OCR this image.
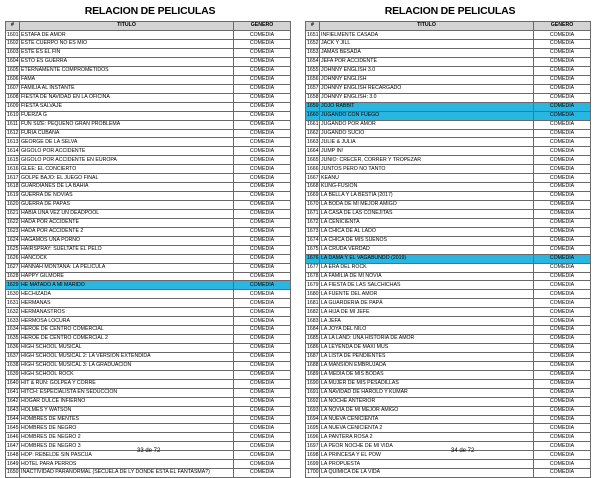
RELACION DE PELICULAS
#	TITULO	GENERO
1601	ESTAFA DE AMOR	COMEDIA
1602	ESTE CUERPO NO ES MIO	COMEDIA
1603	ESTE ES EL FIN	COMEDIA
1604	ESTO ES GUERRA	COMEDIA
1605	ETERNAMENTE COMPROMETIDOS	COMEDIA
1606	FAMA	COMEDIA
1607	FAMILIA AL INSTANTE	COMEDIA
1608	FIESTA DE NAVIDAD EN LA OFICINA	COMEDIA
1609	FIESTA SALVAJE	COMEDIA
1610	FUERZA G	COMEDIA
1611	FUN SIZE: PEQUEÑO GRAN PROBLEMA	COMEDIA
1612	FURIA CUBANA	COMEDIA
1613	GEORGE DE LA SELVA	COMEDIA
1614	GIGOLO POR ACCIDENTE	COMEDIA
1615	GIGOLO POR ACCIDENTE EN EUROPA	COMEDIA
1616	GLEE: EL CONCIERTO	COMEDIA
1617	GOLPE BAJO: EL JUEGO FINAL	COMEDIA
1618	GUARDIANES DE LA BAHIA	COMEDIA
1619	GUERRA DE NOVIAS	COMEDIA
1620	GUERRA DE PAPÁS	COMEDIA
1621	HABIA UNA VEZ UN DEADPOOL	COMEDIA
1622	HADA POR ACCIDENTE	COMEDIA
1623	HADA POR ACCIDENTE 2	COMEDIA
1624	HAGAMOS UNA PORNO	COMEDIA
1625	HAIRSPRAY: SUELTATE EL PELO	COMEDIA
1626	HANCOCK	COMEDIA
1627	HANNAH MONTANA: LA PELICULA	COMEDIA
1628	HAPPY GILMORE	COMEDIA
1629	HE MATADO A MI MARIDO	COMEDIA
1630	HECHIZADA	COMEDIA
1631	HERMANAS	COMEDIA
1632	HERMANASTROS	COMEDIA
1633	HERMOSA LOCURA	COMEDIA
1634	HEROE DE CENTRO COMERCIAL	COMEDIA
1635	HEROE DE CENTRO COMERCIAL 2	COMEDIA
1636	HIGH SCHOOL MUSICAL	COMEDIA
1637	HIGH SCHOOL MUSICAL 2: LA VERSION EXTENDIDA	COMEDIA
1638	HIGH SCHOOL MUSICAL 3: LA GRADUACION	COMEDIA
1639	HIGH SCHOOL ROCK	COMEDIA
1640	HIT & RUN: GOLPEA Y CORRE	COMEDIA
1641	HITCH: ESPECIALISTA EN SEDUCCION	COMEDIA
1642	HOGAR DULCE INFIERNO	COMEDIA
1643	HOLMES Y WATSON	COMEDIA
1644	HOMBRES DE MENTES	COMEDIA
1645	HOMBRES DE NEGRO	COMEDIA
1646	HOMBRES DE NEGRO 2	COMEDIA
1647	HOMBRES DE NEGRO 3	COMEDIA
1648	HOP: REBELDE SIN PASCUA	COMEDIA
1649	HOTEL PARA PERROS	COMEDIA
1650	INACTIVIDAD PARANORMAL (SECUELA DE LY DONDE ESTA EL FANTASMA?)	COMEDIA
33 de 72
RELACION DE PELICULAS
#	TITULO	GENERO
1651	INFIELMENTE CASADA	COMEDIA
1652	JACK Y JILL	COMEDIA
1653	JAMAS BESADA	COMEDIA
1654	JEFA POR ACCIDENTE	COMEDIA
1655	JOHNNY ENGLISH 3.0	COMEDIA
1656	JOHNNY ENGLISH	COMEDIA
1657	JOHNNY ENGLISH RECARGADO	COMEDIA
1658	JOHNNY ENGLISH: 3.0	COMEDIA
1659	JOJO RABBIT	COMEDIA
1660	JUGANDO CON FUEGO	COMEDIA
1661	JUGANDO POR AMOR	COMEDIA
1662	JUGANDO SUCIO	COMEDIA
1663	JULIE & JULIA	COMEDIA
1664	JUMP IN!	COMEDIA
1665	JUNIO: CRECER, CORRER Y TROPEZAR	COMEDIA
1666	JUNTOS PERO NO TANTO	COMEDIA
1667	KEANU	COMEDIA
1668	KUNG-FUSION	COMEDIA
1669	LA BELLA Y LA BESTIA (2017)	COMEDIA
1670	LA BODA DE MI MEJOR AMIGO	COMEDIA
1671	LA CASA DE LAS CONEJITAS	COMEDIA
1672	LA CENICIENTA	COMEDIA
1673	LA CHICA DE AL LADO	COMEDIA
1674	LA CHICA DE MIS SUEÑOS	COMEDIA
1675	LA CRUDA VERDAD	COMEDIA
1676	LA DAMA Y EL VAGABUNDO (2019)	COMEDIA
1677	LA ERA DEL ROCK	COMEDIA
1678	LA FAMILIA DE MI NOVIA	COMEDIA
1679	LA FIESTA DE LAS SALCHICHAS	COMEDIA
1680	LA FUENTE DEL AMOR	COMEDIA
1681	LA GUARDERIA DE PAPÁ	COMEDIA
1682	LA HIJA DE MI JEFE	COMEDIA
1683	LA JEFA	COMEDIA
1684	LA JOYA DEL NILO	COMEDIA
1685	LA LA LAND: UNA HISTORIA DE AMOR	COMEDIA
1686	LA LEYENDA DE MAXI MUS	COMEDIA
1687	LA LISTA DE PENDIENTES	COMEDIA
1688	LA MANSION EMBRUJADA	COMEDIA
1689	LA MEDIA DE MIS BODAS	COMEDIA
1690	LA MUJER DE MIS PESADILLAS	COMEDIA
1691	LA NAVIDAD DE HAROLD Y KUMAR	COMEDIA
1692	LA NOCHE ANTERIOR	COMEDIA
1693	LA NOVIA DE MI MEJOR AMIGO	COMEDIA
1694	LA NUEVA CENICIENTA	COMEDIA
1695	LA NUEVA CENICIENTA 2	COMEDIA
1696	LA PANTERA ROSA 2	COMEDIA
1697	LA PEOR NOCHE DE MI VIDA	COMEDIA
1698	LA PRINCESA Y EL POW	COMEDIA
1699	LA PROPUESTA	COMEDIA
1700	LA QUIMICA DE LA VIDA	COMEDIA
34 de 72
